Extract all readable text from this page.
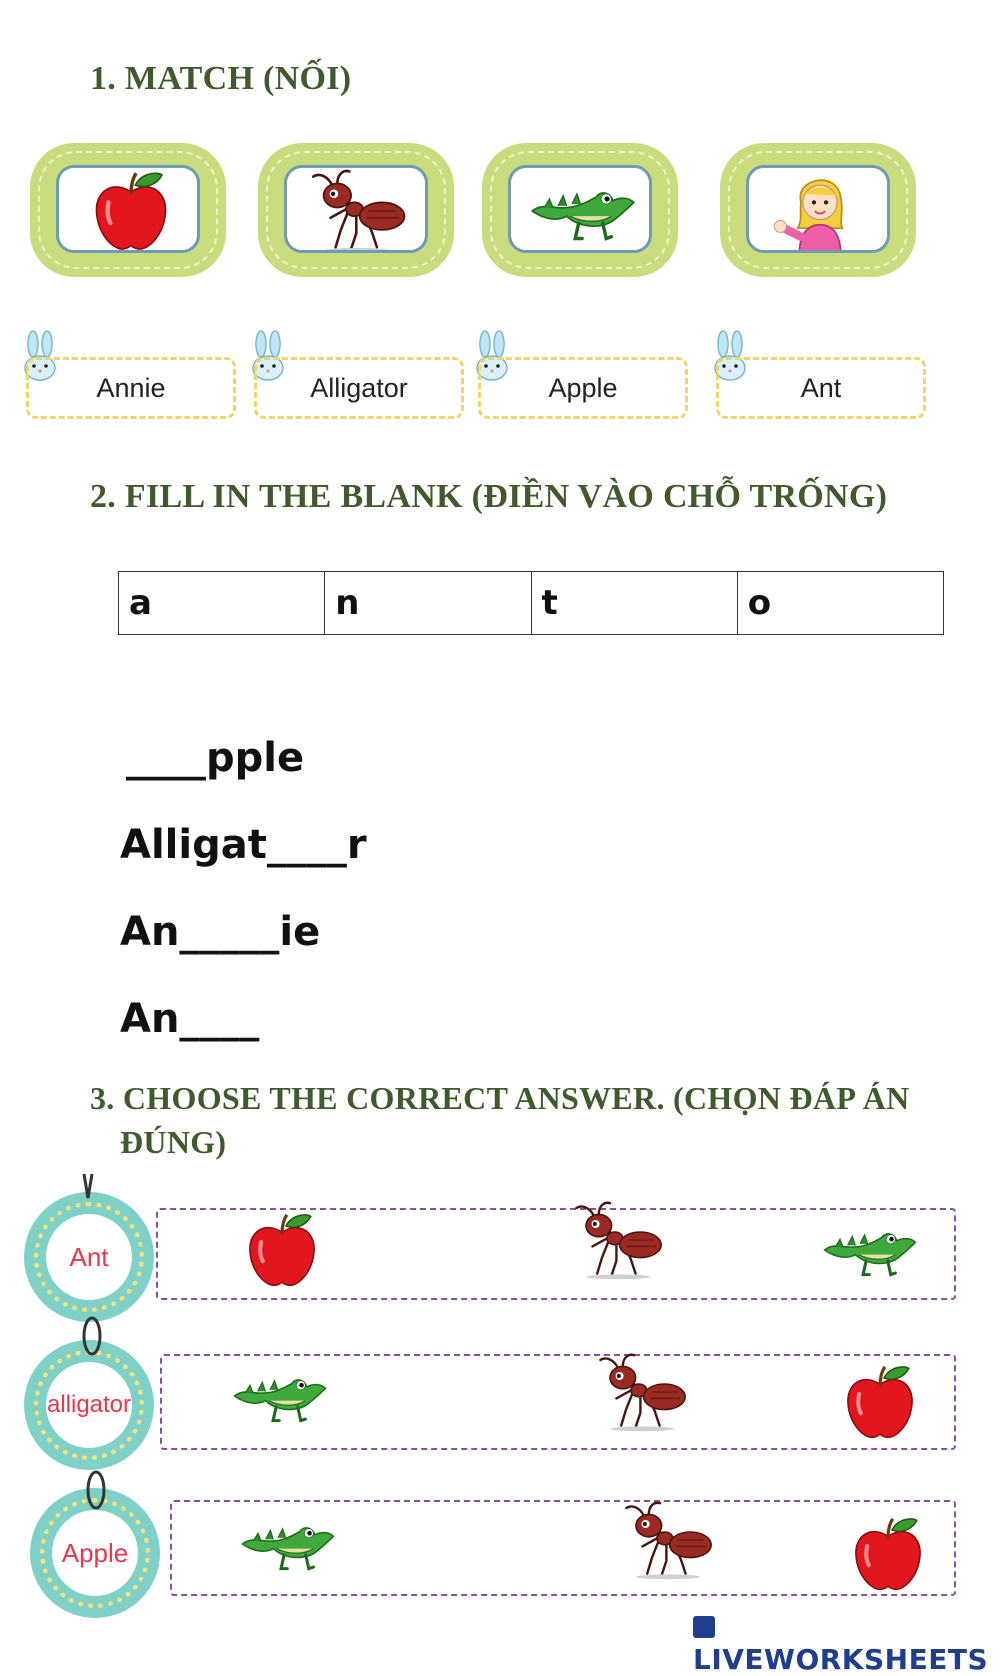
1. MATCH (NỐI)
Annie	Alligator	Apple	Ant
2. FILL IN THE BLANK (ĐIỀN VÀO CHỖ TRỐNG)
a	n	t	o
____pple
Alligat____r
An_____ie
An____
3. CHOOSE THE CORRECT ANSWER. (CHỌN ĐÁP ÁN
ĐÚNG)
Ant
alligator
Apple
LIVEWORKSHEETS
